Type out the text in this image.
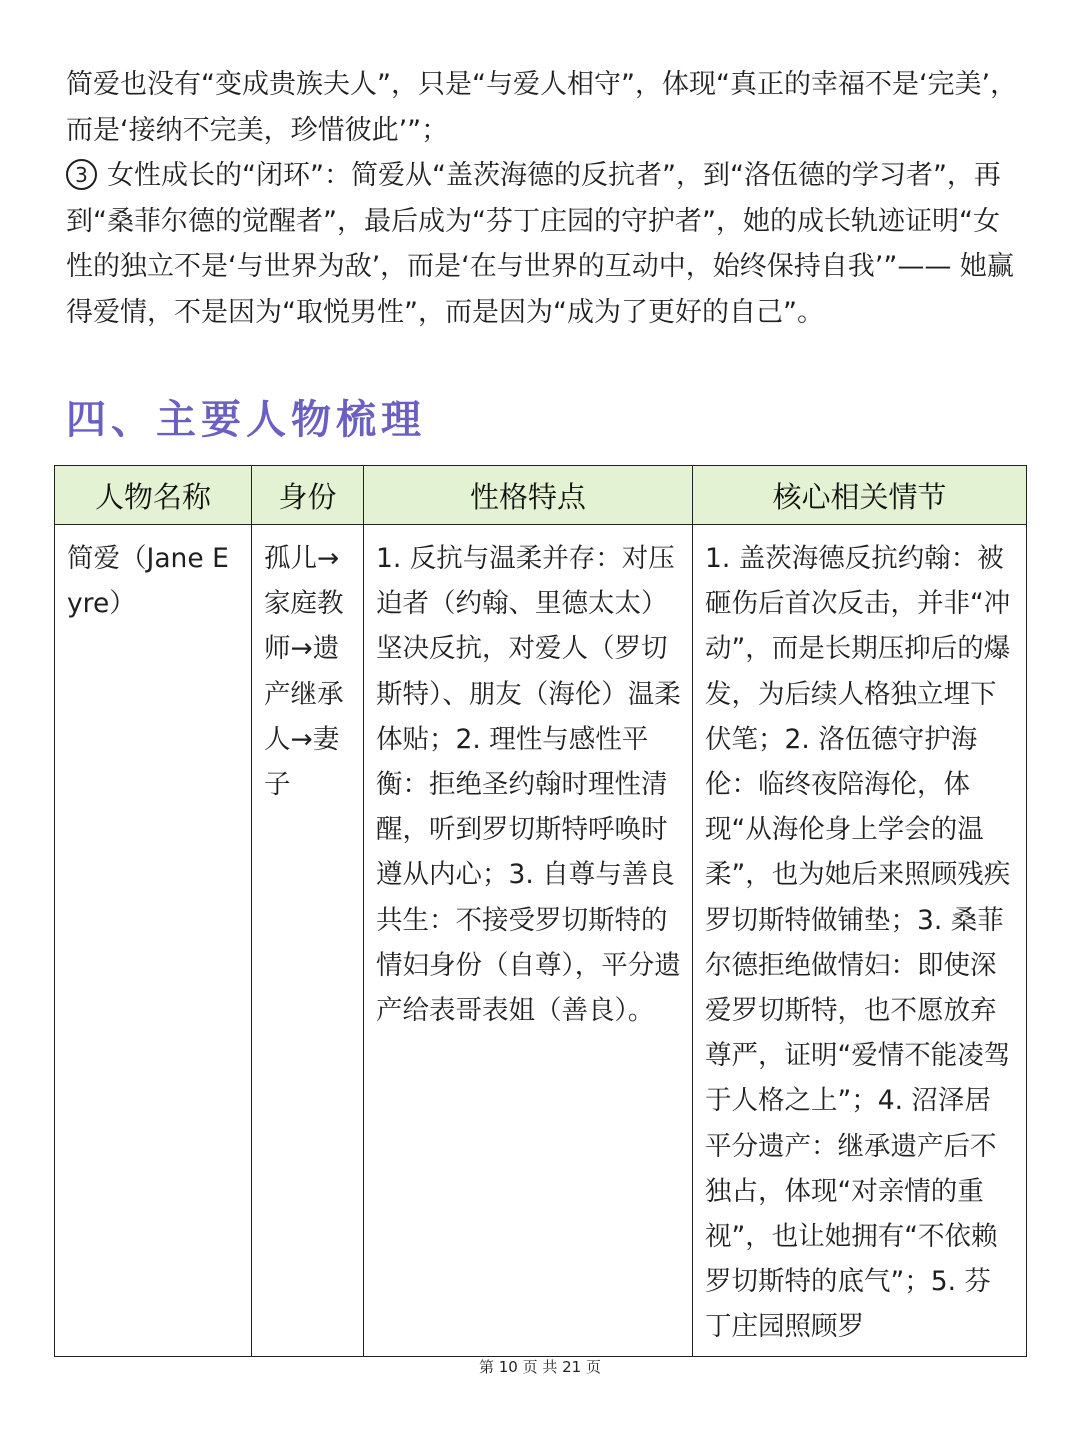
简爱也没有“变成贵族夫人”，只是“与爱人相守”，体现“真正的幸福不是‘完美’，而是‘接纳不完美，珍惜彼此’”；

3 女性成长的“闭环”：简爱从“盖茨海德的反抗者”，到“洛伍德的学习者”，再到“桑菲尔德的觉醒者”，最后成为“芬丁庄园的守护者”，她的成长轨迹证明“女性的独立不是‘与世界为敌’，而是‘在与世界的互动中，始终保持自我’”—— 她赢得爱情，不是因为“取悦男性”，而是因为“成为了更好的自己”。

四、主要人物梳理
人物名称	身份	性格特点	核心相关情节
简爱（Jane Eyre）	孤儿→家庭教师→遗产继承人→妻子	1. 反抗与温柔并存：对压迫者（约翰、里德太太）坚决反抗，对爱人（罗切斯特）、朋友（海伦）温柔体贴；2. 理性与感性平衡：拒绝圣约翰时理性清醒，听到罗切斯特呼唤时遵从内心；3. 自尊与善良共生：不接受罗切斯特的情妇身份（自尊），平分遗产给表哥表姐（善良）。	1. 盖茨海德反抗约翰：被砸伤后首次反击，并非“冲动”，而是长期压抑后的爆发，为后续人格独立埋下伏笔；2. 洛伍德守护海伦：临终夜陪海伦，体现“从海伦身上学会的温柔”，也为她后来照顾残疾罗切斯特做铺垫；3. 桑菲尔德拒绝做情妇：即使深爱罗切斯特，也不愿放弃尊严，证明“爱情不能凌驾于人格之上”；4. 沼泽居平分遗产：继承遗产后不独占，体现“对亲情的重视”，也让她拥有“不依赖罗切斯特的底气”；5. 芬丁庄园照顾罗
第 10 页 共 21 页
